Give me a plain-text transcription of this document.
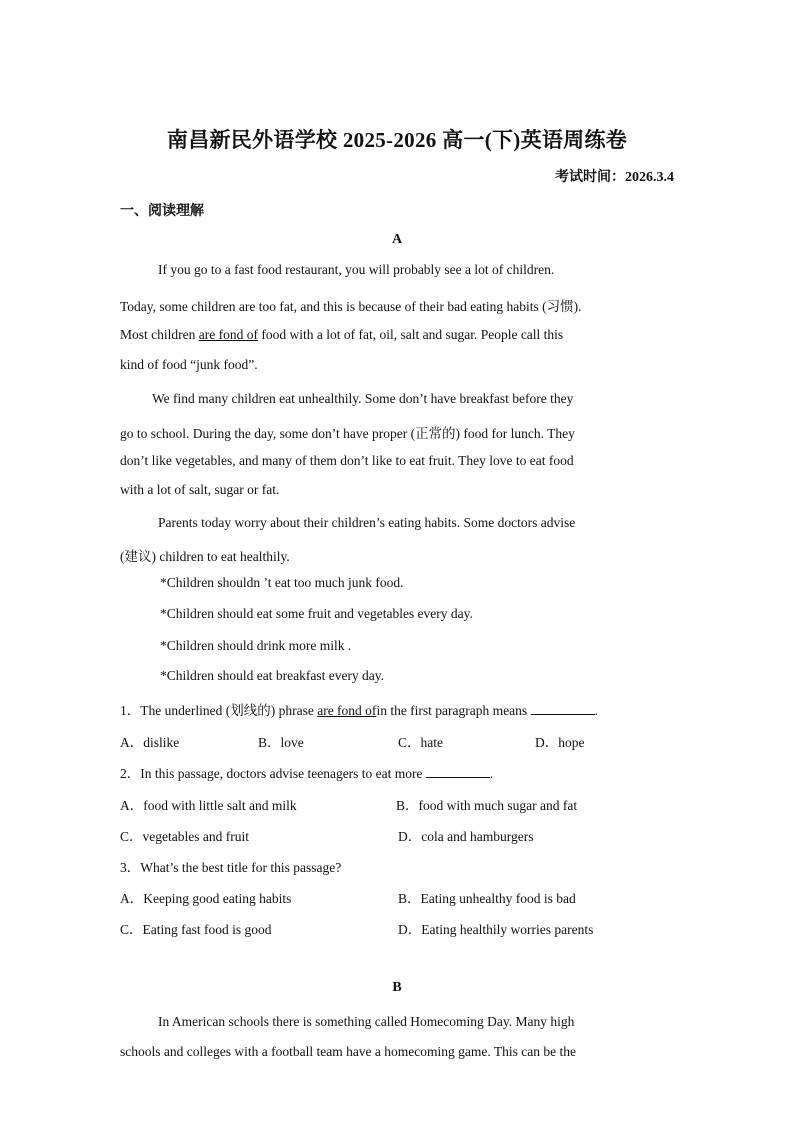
南昌新民外语学校 2025-2026 高一(下)英语周练卷
考试时间：2026.3.4
一、阅读理解
A
If you go to a fast food restaurant, you will probably see a lot of children.
Today, some children are too fat, and this is because of their bad eating habits (习惯).
Most children are fond of food with a lot of fat, oil, salt and sugar. People call this
kind of food “junk food”.
We find many children eat unhealthily. Some don’t have breakfast before they
go to school. During the day, some don’t have proper (正常的) food for lunch. They
don’t like vegetables, and many of them don’t like to eat fruit. They love to eat food
with a lot of salt, sugar or fat.
Parents today worry about their children’s eating habits. Some doctors advise
(建议) children to eat healthily.
*Children shouldn ’t eat too much junk food.
*Children should eat some fruit and vegetables every day.
*Children should drink more milk .
*Children should eat breakfast every day.
1．The underlined (划线的) phrase are fond ofin the first paragraph means	.
A．dislike	B．love	C．hate	D．hope
2．In this passage, doctors advise teenagers to eat more	.
A．food with little salt and milk	B．food with much sugar and fat
C．vegetables and fruit	D．cola and hamburgers
3．What’s the best title for this passage?
A．Keeping good eating habits	B．Eating unhealthy food is bad
C．Eating fast food is good	D．Eating healthily worries parents
B
In American schools there is something called Homecoming Day. Many high
schools and colleges with a football team have a homecoming game. This can be the
